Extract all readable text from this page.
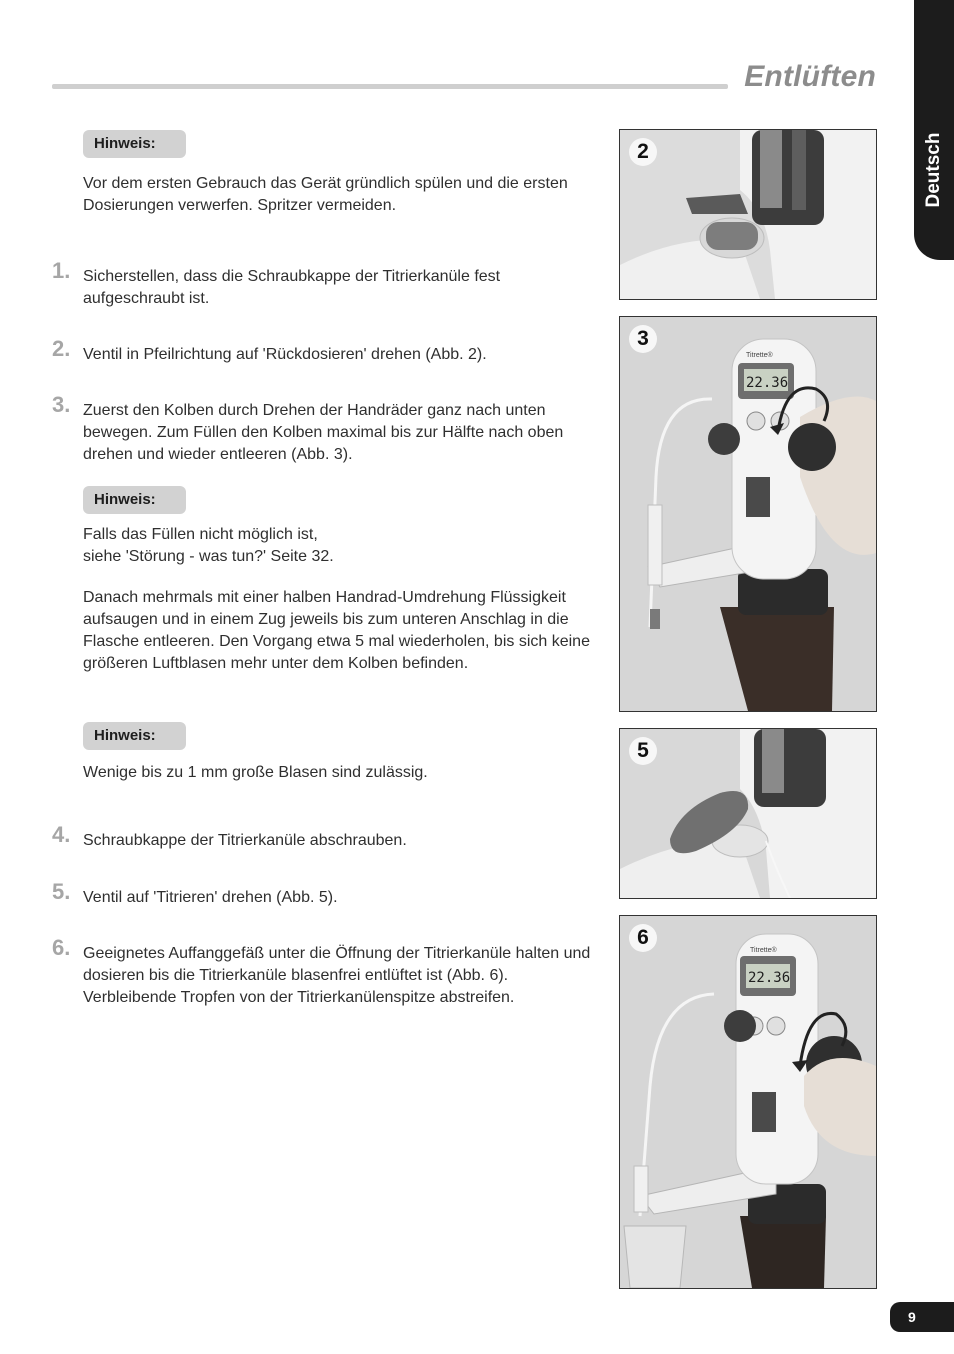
Entlüften
Deutsch
Hinweis:

Vor dem ersten Gebrauch das Gerät gründlich spülen und die ersten Dosierungen verwerfen. Spritzer vermeiden.

1. Sicherstellen, dass die Schraubkappe der Titrierkanüle fest aufgeschraubt ist.

2. Ventil in Pfeilrichtung auf 'Rückdosieren' drehen (Abb. 2).

3. Zuerst den Kolben durch Drehen der Handräder ganz nach unten bewegen. Zum Füllen den Kolben maximal bis zur Hälfte nach oben drehen und wieder entleeren (Abb. 3).

Hinweis:

Falls das Füllen nicht möglich ist,
siehe 'Störung - was tun?' Seite 32.

Danach mehrmals mit einer halben Handrad-Umdrehung Flüssigkeit aufsaugen und in einem Zug jeweils bis zum unteren Anschlag in die Flasche entleeren. Den Vorgang etwa 5 mal wiederholen, bis sich keine größeren Luftblasen mehr unter dem Kolben befinden.

Hinweis:

Wenige bis zu 1 mm große Blasen sind zulässig.

4. Schraubkappe der Titrierkanüle abschrauben.

5. Ventil auf 'Titrieren' drehen (Abb. 5).

6. Geeignetes Auffanggefäß unter die Öffnung der Titrierkanüle halten und dosieren bis die Titrierkanüle blasenfrei entlüftet ist (Abb. 6). Verbleibende Tropfen von der Titrierkanülenspitze abstreifen.

2
22.36
Titrette®
3
5
22.36
Titrette®
6
9
